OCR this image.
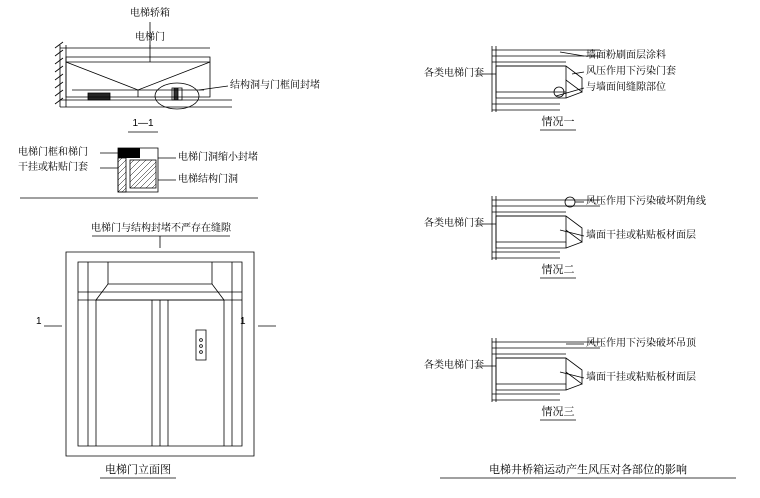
电梯轿箱
电梯门
结构洞与门框间封堵
1—1
电梯门框和梯门
干挂或粘贴门套
电梯门洞缩小封堵
电梯结构门洞
电梯门与结构封堵不严存在缝隙
1	1
电梯门立面图
各类电梯门套
墙面粉刷面层涂料
风压作用下污染门套
与墙面间缝隙部位
情况一
各类电梯门套
风压作用下污染破坏阴角线
墙面干挂或粘贴板材面层
情况二
各类电梯门套
风压作用下污染破坏吊顶
墙面干挂或粘贴板材面层
情况三
电梯井桥箱运动产生风压对各部位的影响
